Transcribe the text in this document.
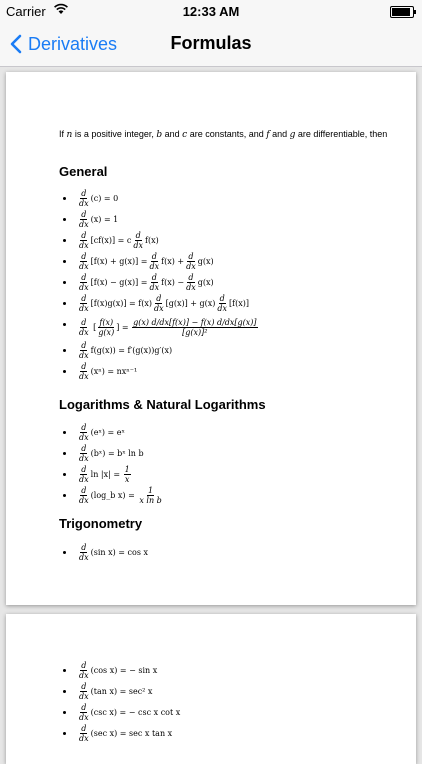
Carrier	12:33 AM
Derivatives	Formulas
If n is a positive integer, b and c are constants, and f and g are differentiable, then
General
$\frac{d}{dx} (c) = 0$
$\frac{d}{dx} (x) = 1$
$\frac{d}{dx} [cf(x)] = c \frac{d}{dx} f(x)$
$\frac{d}{dx} [f(x) + g(x)] = \frac{d}{dx} f(x) + \frac{d}{dx} g(x)$
$\frac{d}{dx} [f(x) - g(x)] = \frac{d}{dx} f(x) - \frac{d}{dx} g(x)$
$\frac{d}{dx} [f(x)g(x)] = f(x) \frac{d}{dx} [g(x)] + g(x) \frac{d}{dx} [f(x)]$
$\frac{d}{dx}$ [ $\frac{f(x)}{g(x)}$ ] = $\frac{g(x) d/dx[f(x)] - f(x) d/dx[g(x)]}{\text{[g(x)]²}}$
$\frac{d}{dx} f(g(x)) = f'(g(x))g'(x)$
$\frac{d}{dx} (x^n) = nx^{n-1}$
Logarithms & Natural Logarithms
$\frac{d}{dx}$ (eˣ) = eˣ
$\frac{d}{dx}$ (bˣ) = bˣ ln b
$\frac{d}{dx}$ ln |x| =
$\frac{1}{x}$
$\frac{d}{dx}$ (log_b x) =
$\frac{1}{\text{x ln b}}$
Trigonometry
$\frac{d}{dx} (\sin$ x) = cos x
$\frac{d}{dx} (\cos$ x) = − sin x
$\frac{d}{dx} (\tan$ x) = sec² x
$\frac{d}{dx} (\csc$ x) = − csc x cot x
$\frac{d}{dx} (\sec$ x) = sec x tan x
